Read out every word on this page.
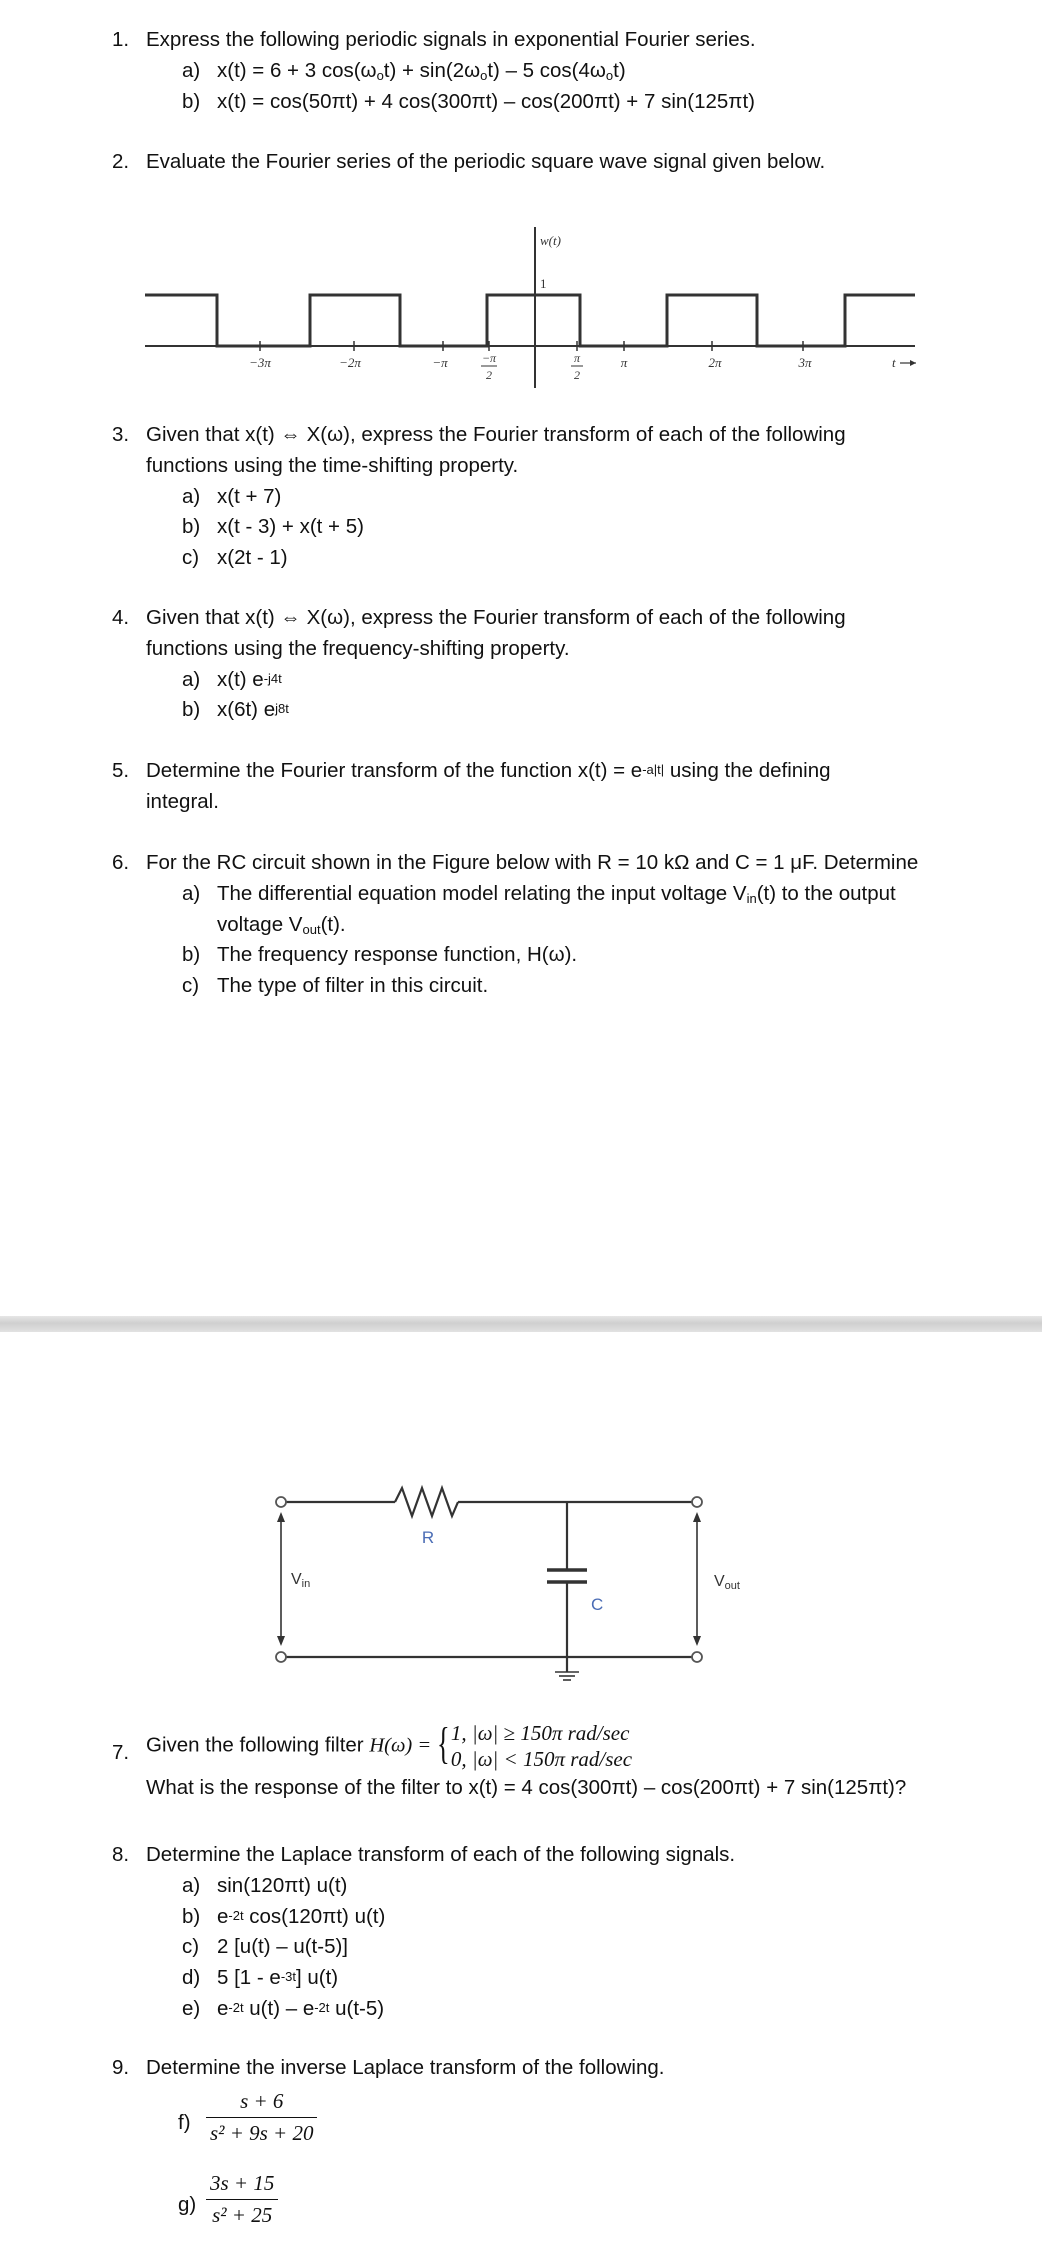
1. Express the following periodic signals in exponential Fourier series.
a) x(t) = 6 + 3 $\cos(\omega_ot) + \sin(2\omega_ot) - 5$ $\cos(4\omega_ot)$
b) x(t) = cos(50πt) + 4 cos(300πt) – cos(200πt) + 7 sin(125πt)
2. Evaluate the Fourier series of the periodic square wave signal given below.
w(t)
1
−3π	−2π	−π	π	2π	3π
−π
2
π
2
t
3. Given that x(t) ⇔ X(ω), express the Fourier transform of each of the following
functions using the time-shifting property.
a) x(t + 7)
b) x(t - 3) + x(t + 5)
c) x(2t - 1)
4. Given that x(t) ⇔ X(ω), express the Fourier transform of each of the following
functions using the frequency-shifting property.
a) x(t) $e^{-j4t}$
b) x(6t) $e^{j8t}$
5. Determine the Fourier transform of the function $x(t) = e^{-a|t|}$ using the defining
integral.
6. For the RC circuit shown in the Figure below with R = 10 kΩ and C = 1 μF. Determine
a) The differential equation model relating the input voltage $V_{in}(t)$ to the output
voltage $V_{out}(t)$.
b) The frequency response function, H(ω).
c) The type of filter in this circuit.
R
C
Vin	Vout
7. Given the following filter H(ω) = { 1, |ω| ≥ 150π rad/sec
0, |ω| < 150π rad/sec
What is the response of the filter to x(t) = 4 cos(300πt) – cos(200πt) + 7 sin(125πt)?
8. Determine the Laplace transform of each of the following signals.
a) sin(120πt) u(t)
b) $e^{-2t}$ cos(120πt) u(t)
c) 2 [u(t) – u(t-5)]
d) 5 $[1 - e^{-3t}]$ u(t)
e) $e^{-2t}$ $u(t) - e^{-2t}$ u(t-5)
9. Determine the inverse Laplace transform of the following.
$f) \frac{s + 6}{\text{s² + 9s + 20}}$
$g) \frac{3s + 15}{\text{s² + 25}}$
